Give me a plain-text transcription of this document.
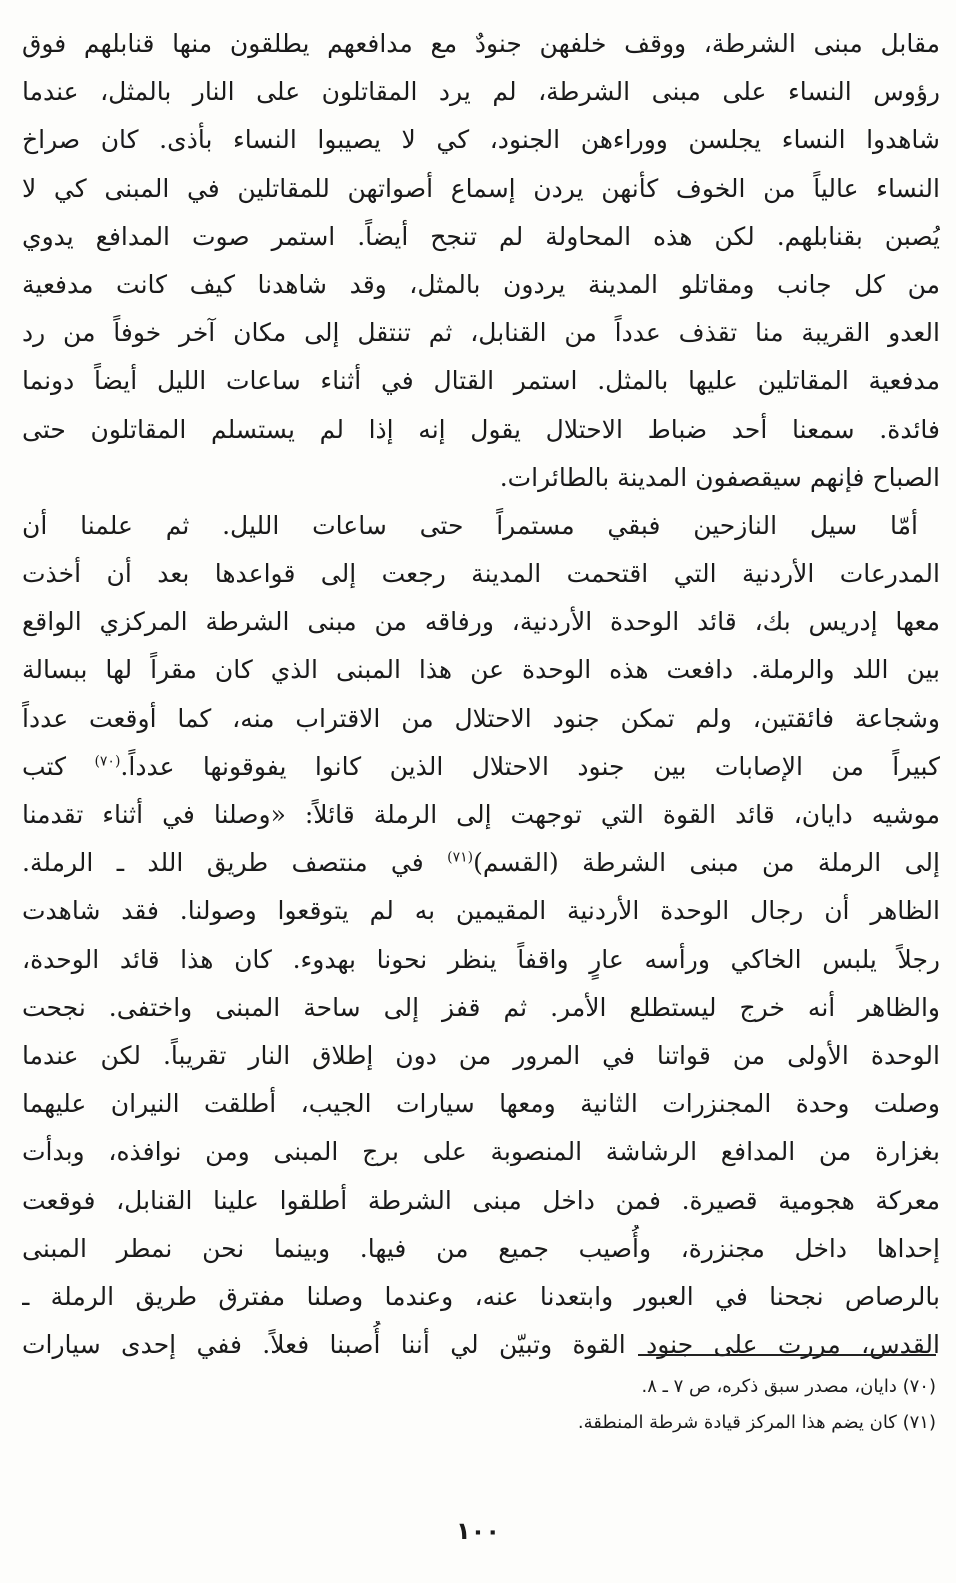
مقابل مبنى الشرطة، ووقف خلفهن جنودٌ مع مدافعهم يطلقون منها قنابلهم فوق
رؤوس النساء على مبنى الشرطة، لم يرد المقاتلون على النار بالمثل، عندما
شاهدوا النساء يجلسن ووراءهن الجنود، كي لا يصيبوا النساء بأذى. كان صراخ
النساء عالياً من الخوف كأنهن يردن إسماع أصواتهن للمقاتلين في المبنى كي لا
يُصبن بقنابلهم. لكن هذه المحاولة لم تنجح أيضاً. استمر صوت المدافع يدوي
من كل جانب ومقاتلو المدينة يردون بالمثل، وقد شاهدنا كيف كانت مدفعية
العدو القريبة منا تقذف عدداً من القنابل، ثم تنتقل إلى مكان آخر خوفاً من رد
مدفعية المقاتلين عليها بالمثل. استمر القتال في أثناء ساعات الليل أيضاً دونما
فائدة. سمعنا أحد ضباط الاحتلال يقول إنه إذا لم يستسلم المقاتلون حتى
الصباح فإنهم سيقصفون المدينة بالطائرات.
أمّا سيل النازحين فبقي مستمراً حتى ساعات الليل. ثم علمنا أن
المدرعات الأردنية التي اقتحمت المدينة رجعت إلى قواعدها بعد أن أخذت
معها إدريس بك، قائد الوحدة الأردنية، ورفاقه من مبنى الشرطة المركزي الواقع
بين اللد والرملة. دافعت هذه الوحدة عن هذا المبنى الذي كان مقراً لها ببسالة
وشجاعة فائقتين، ولم تمكن جنود الاحتلال من الاقتراب منه، كما أوقعت عدداً
كبيراً من الإصابات بين جنود الاحتلال الذين كانوا يفوقونها عدداً.$^{(٧٠)}$ كتب
موشيه دايان، قائد القوة التي توجهت إلى الرملة قائلاً: «وصلنا في أثناء تقدمنا
إلى الرملة من مبنى الشرطة (القسم)$^{(٧١)}$ في منتصف طريق اللد ـ الرملة.
الظاهر أن رجال الوحدة الأردنية المقيمين به لم يتوقعوا وصولنا. فقد شاهدت
رجلاً يلبس الخاكي ورأسه عارٍ واقفاً ينظر نحونا بهدوء. كان هذا قائد الوحدة،
والظاهر أنه خرج ليستطلع الأمر. ثم قفز إلى ساحة المبنى واختفى. نجحت
الوحدة الأولى من قواتنا في المرور من دون إطلاق النار تقريباً. لكن عندما
وصلت وحدة المجنزرات الثانية ومعها سيارات الجيب، أطلقت النيران عليهما
بغزارة من المدافع الرشاشة المنصوبة على برج المبنى ومن نوافذه، وبدأت
معركة هجومية قصيرة. فمن داخل مبنى الشرطة أطلقوا علينا القنابل، فوقعت
إحداها داخل مجنزرة، وأُصيب جميع من فيها. وبينما نحن نمطر المبنى
بالرصاص نجحنا في العبور وابتعدنا عنه، وعندما وصلنا مفترق طريق الرملة ـ
القدس، مررت على جنود القوة وتبيّن لي أننا أُصبنا فعلاً. ففي إحدى سيارات
(٧٠) دايان، مصدر سبق ذكره، ص ٧ ـ ٨.
(٧١) كان يضم هذا المركز قيادة شرطة المنطقة.
١٠٠
